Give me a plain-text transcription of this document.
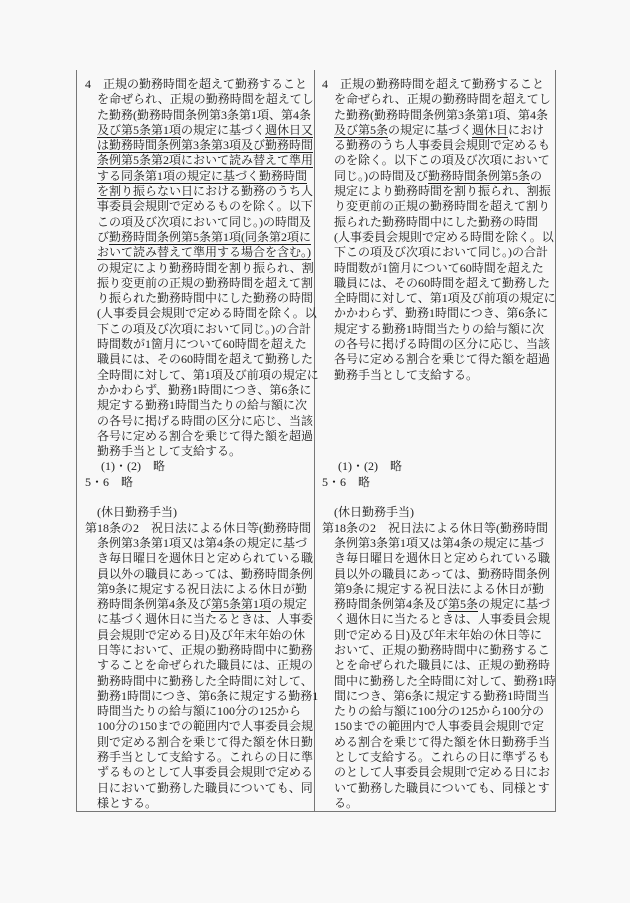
4　正規の勤務時間を超えて勤務すること
を命ぜられ、正規の勤務時間を超えてし
た勤務(勤務時間条例第3条第1項、第4条
及び第5条第1項の規定に基づく週休日又
は勤務時間条例第3条第3項及び勤務時間
条例第5条第2項において読み替えて準用
する同条第1項の規定に基づく勤務時間
を割り振らない日における勤務のうち人
事委員会規則で定めるものを除く。以下
この項及び次項において同じ。)の時間及
び勤務時間条例第5条第1項(同条第2項に
おいて読み替えて準用する場合を含む。)
の規定により勤務時間を割り振られ、割
振り変更前の正規の勤務時間を超えて割
り振られた勤務時間中にした勤務の時間
(人事委員会規則で定める時間を除く。以
下この項及び次項において同じ。)の合計
時間数が1箇月について60時間を超えた
職員には、その60時間を超えて勤務した
全時間に対して、第1項及び前項の規定に
かかわらず、勤務1時間につき、第6条に
規定する勤務1時間当たりの給与額に次
の各号に掲げる時間の区分に応じ、当該
各号に定める割合を乗じて得た額を超過
勤務手当として支給する。
(1)・(2)　略
5・6　略
(休日勤務手当)
第18条の2　祝日法による休日等(勤務時間
条例第3条第1項又は第4条の規定に基づ
き毎日曜日を週休日と定められている職
員以外の職員にあっては、勤務時間条例
第9条に規定する祝日法による休日が勤
務時間条例第4条及び第5条第1項の規定
に基づく週休日に当たるときは、人事委
員会規則で定める日)及び年末年始の休
日等において、正規の勤務時間中に勤務
することを命ぜられた職員には、正規の
勤務時間中に勤務した全時間に対して、
勤務1時間につき、第6条に規定する勤務1
時間当たりの給与額に100分の125から
100分の150までの範囲内で人事委員会規
則で定める割合を乗じて得た額を休日勤
務手当として支給する。これらの日に準
ずるものとして人事委員会規則で定める
日において勤務した職員についても、同
様とする。
4　正規の勤務時間を超えて勤務すること
を命ぜられ、正規の勤務時間を超えてし
た勤務(勤務時間条例第3条第1項、第4条
及び第5条の規定に基づく週休日におけ
る勤務のうち人事委員会規則で定めるも
のを除く。以下この項及び次項において
同じ。)の時間及び勤務時間条例第5条の
規定により勤務時間を割り振られ、割振
り変更前の正規の勤務時間を超えて割り
振られた勤務時間中にした勤務の時間
(人事委員会規則で定める時間を除く。以
下この項及び次項において同じ。)の合計
時間数が1箇月について60時間を超えた
職員には、その60時間を超えて勤務した
全時間に対して、第1項及び前項の規定に
かかわらず、勤務1時間につき、第6条に
規定する勤務1時間当たりの給与額に次
の各号に掲げる時間の区分に応じ、当該
各号に定める割合を乗じて得た額を超過
勤務手当として支給する。
(1)・(2)　略
5・6　略
(休日勤務手当)
第18条の2　祝日法による休日等(勤務時間
条例第3条第1項又は第4条の規定に基づ
き毎日曜日を週休日と定められている職
員以外の職員にあっては、勤務時間条例
第9条に規定する祝日法による休日が勤
務時間条例第4条及び第5条の規定に基づ
く週休日に当たるときは、人事委員会規
則で定める日)及び年末年始の休日等に
おいて、正規の勤務時間中に勤務するこ
とを命ぜられた職員には、正規の勤務時
間中に勤務した全時間に対して、勤務1時
間につき、第6条に規定する勤務1時間当
たりの給与額に100分の125から100分の
150までの範囲内で人事委員会規則で定
める割合を乗じて得た額を休日勤務手当
として支給する。これらの日に準ずるも
のとして人事委員会規則で定める日にお
いて勤務した職員についても、同様とす
る。
